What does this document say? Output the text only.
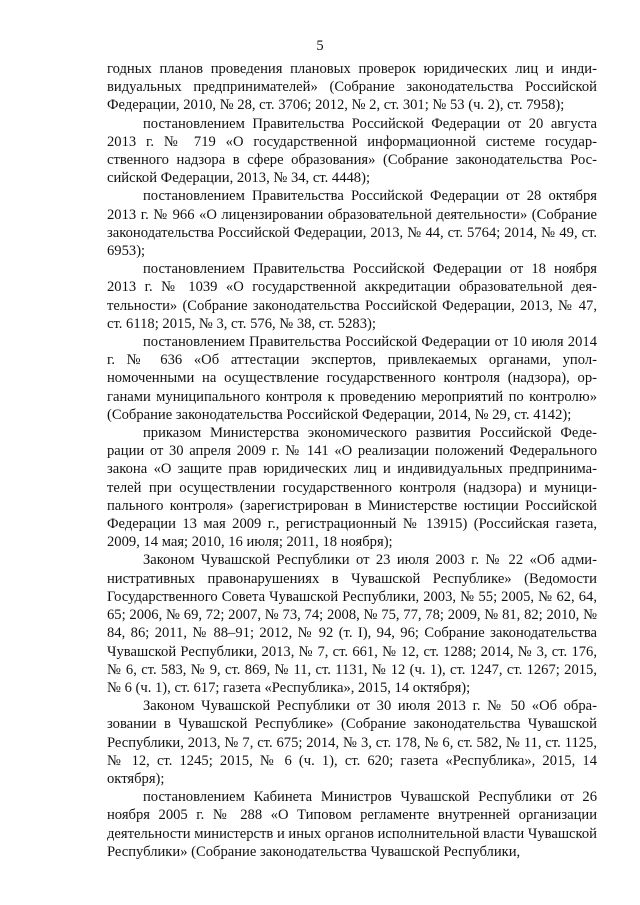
5

годных планов проведения плановых проверок юридических лиц и индивидуальных предпринимателей» (Собрание законодательства Российской Федерации, 2010, № 28, ст. 3706; 2012, № 2, ст. 301; № 53 (ч. 2), ст. 7958);

постановлением Правительства Российской Федерации от 20 августа 2013 г. № 719 «О государственной информационной системе государственного надзора в сфере образования» (Собрание законодательства Российской Федерации, 2013, № 34, ст. 4448);

постановлением Правительства Российской Федерации от 28 октября 2013 г. № 966 «О лицензировании образовательной деятельности» (Собрание законодательства Российской Федерации, 2013, № 44, ст. 5764; 2014, № 49, ст. 6953);

постановлением Правительства Российской Федерации от 18 ноября 2013 г. № 1039 «О государственной аккредитации образовательной деятельности» (Собрание законодательства Российской Федерации, 2013, № 47, ст. 6118; 2015, № 3, ст. 576, № 38, ст. 5283);

постановлением Правительства Российской Федерации от 10 июля 2014 г. № 636 «Об аттестации экспертов, привлекаемых органами, уполномоченными на осуществление государственного контроля (надзора), органами муниципального контроля к проведению мероприятий по контролю» (Собрание законодательства Российской Федерации, 2014, № 29, ст. 4142);

приказом Министерства экономического развития Российской Федерации от 30 апреля 2009 г. № 141 «О реализации положений Федерального закона «О защите прав юридических лиц и индивидуальных предпринимателей при осуществлении государственного контроля (надзора) и муниципального контроля» (зарегистрирован в Министерстве юстиции Российской Федерации 13 мая 2009 г., регистрационный № 13915) (Российская газета, 2009, 14 мая; 2010, 16 июля; 2011, 18 ноября);

Законом Чувашской Республики от 23 июля 2003 г. № 22 «Об административных правонарушениях в Чувашской Республике» (Ведомости Государственного Совета Чувашской Республики, 2003, № 55; 2005, № 62, 64, 65; 2006, № 69, 72; 2007, № 73, 74; 2008, № 75, 77, 78; 2009, № 81, 82; 2010, № 84, 86; 2011, № 88–91; 2012, № 92 (т. I), 94, 96; Собрание законодательства Чувашской Республики, 2013, № 7, ст. 661, № 12, ст. 1288; 2014, № 3, ст. 176, № 6, ст. 583, № 9, ст. 869, № 11, ст. 1131, № 12 (ч. 1), ст. 1247, ст. 1267; 2015, № 6 (ч. 1), ст. 617; газета «Республика», 2015, 14 октября);

Законом Чувашской Республики от 30 июля 2013 г. № 50 «Об образовании в Чувашской Республике» (Собрание законодательства Чувашской Республики, 2013, № 7, ст. 675; 2014, № 3, ст. 178, № 6, ст. 582, № 11, ст. 1125, № 12, ст. 1245; 2015, № 6 (ч. 1), ст. 620; газета «Республика», 2015, 14 октября);

постановлением Кабинета Министров Чувашской Республики от 26 ноября 2005 г. № 288 «О Типовом регламенте внутренней организации деятельности министерств и иных органов исполнительной власти Чувашской Республики» (Собрание законодательства Чувашской Республики,
